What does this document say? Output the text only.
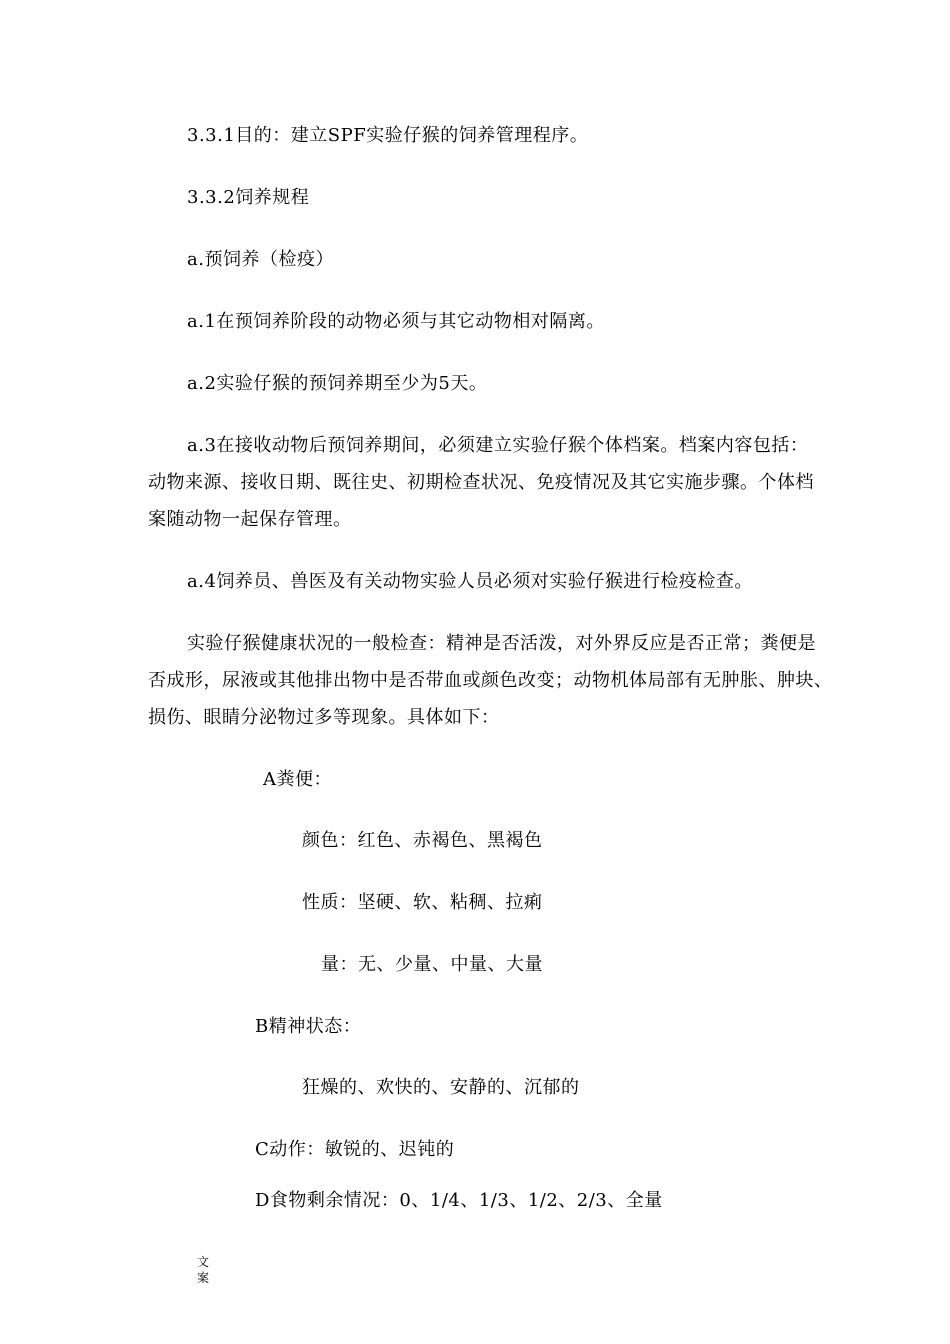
3.3.1目的：建立SPF实验仔猴的饲养管理程序。
3.3.2饲养规程
a.预饲养（检疫）
a.1在预饲养阶段的动物必须与其它动物相对隔离。
a.2实验仔猴的预饲养期至少为5天。
a.3在接收动物后预饲养期间，必须建立实验仔猴个体档案。档案内容包括：
动物来源、接收日期、既往史、初期检查状况、免疫情况及其它实施步骤。个体档
案随动物一起保存管理。
a.4饲养员、兽医及有关动物实验人员必须对实验仔猴进行检疫检查。
实验仔猴健康状况的一般检查：精神是否活泼，对外界反应是否正常；粪便是
否成形，尿液或其他排出物中是否带血或颜色改变；动物机体局部有无肿胀、肿块、
损伤、眼睛分泌物过多等现象。具体如下：
A粪便：
颜色：红色、赤褐色、黑褐色
性质：坚硬、软、粘稠、拉痢
量：无、少量、中量、大量
B精神状态：
狂燥的、欢快的、安静的、沉郁的
C动作：敏锐的、迟钝的
D食物剩余情况：0、1/4、1/3、1/2、2/3、全量
文案
